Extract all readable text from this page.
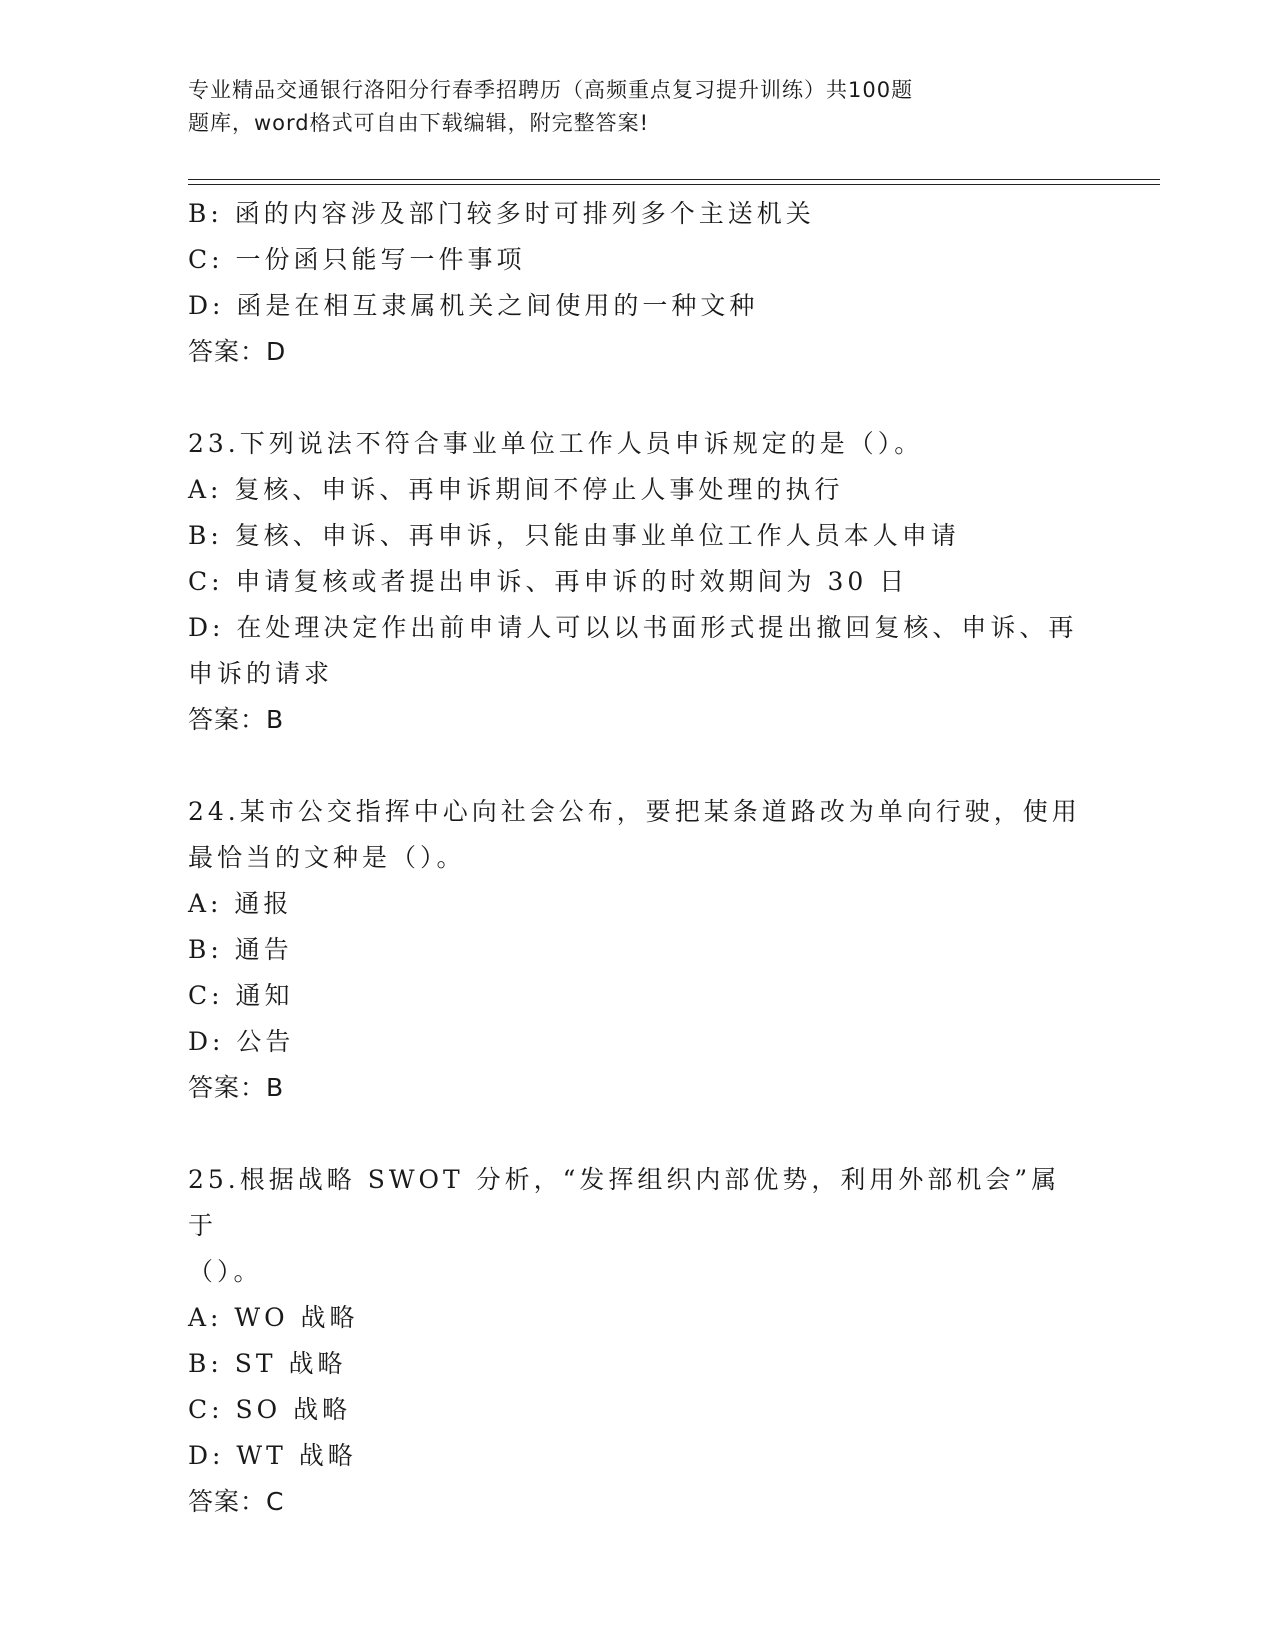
专业精品交通银行洛阳分行春季招聘历（高频重点复习提升训练）共100题

题库，word格式可自由下载编辑，附完整答案!

B: 函的内容涉及部门较多时可排列多个主送机关
C: 一份函只能写一件事项
D: 函是在相互隶属机关之间使用的一种文种
答案：D
23.下列说法不符合事业单位工作人员申诉规定的是（）。
A: 复核、申诉、再申诉期间不停止人事处理的执行
B: 复核、申诉、再申诉，只能由事业单位工作人员本人申请
C: 申请复核或者提出申诉、再申诉的时效期间为 30 日
D: 在处理决定作出前申请人可以以书面形式提出撤回复核、申诉、再
申诉的请求
答案：B
24.某市公交指挥中心向社会公布，要把某条道路改为单向行驶，使用
最恰当的文种是（）。
A: 通报
B: 通告
C: 通知
D: 公告
答案：B
25.根据战略 SWOT 分析，“发挥组织内部优势，利用外部机会”属于
（）。
A: WO 战略
B: ST 战略
C: SO 战略
D: WT 战略
答案：C
